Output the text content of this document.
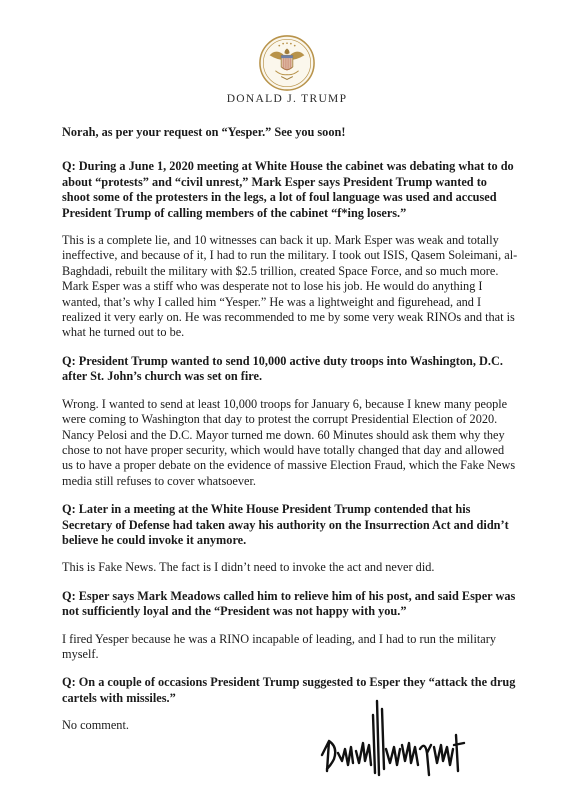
DONALD J. TRUMP

Norah, as per your request on “Yesper.” See you soon!

Q: During a June 1, 2020 meeting at White House the cabinet was debating what to do about “protests” and “civil unrest,” Mark Esper says President Trump wanted to shoot some of the protesters in the legs, a lot of foul language was used and accused President Trump of calling members of the cabinet “f*ing losers.”

This is a complete lie, and 10 witnesses can back it up. Mark Esper was weak and totally ineffective, and because of it, I had to run the military. I took out ISIS, Qasem Soleimani, al-Baghdadi, rebuilt the military with $2.5 trillion, created Space Force, and so much more. Mark Esper was a stiff who was desperate not to lose his job. He would do anything I wanted, that’s why I called him “Yesper.” He was a lightweight and figurehead, and I realized it very early on. He was recommended to me by some very weak RINOs and that is what he turned out to be.

Q: President Trump wanted to send 10,000 active duty troops into Washington, D.C. after St. John’s church was set on fire.

Wrong. I wanted to send at least 10,000 troops for January 6, because I knew many people were coming to Washington that day to protest the corrupt Presidential Election of 2020. Nancy Pelosi and the D.C. Mayor turned me down. 60 Minutes should ask them why they chose to not have proper security, which would have totally changed that day and allowed us to have a proper debate on the evidence of massive Election Fraud, which the Fake News media still refuses to cover whatsoever.

Q: Later in a meeting at the White House President Trump contended that his Secretary of Defense had taken away his authority on the Insurrection Act and didn’t believe he could invoke it anymore.

This is Fake News. The fact is I didn’t need to invoke the act and never did.

Q: Esper says Mark Meadows called him to relieve him of his post, and said Esper was not sufficiently loyal and the “President was not happy with you.”

I fired Yesper because he was a RINO incapable of leading, and I had to run the military myself.

Q: On a couple of occasions President Trump suggested to Esper they “attack the drug cartels with missiles.”

No comment.
